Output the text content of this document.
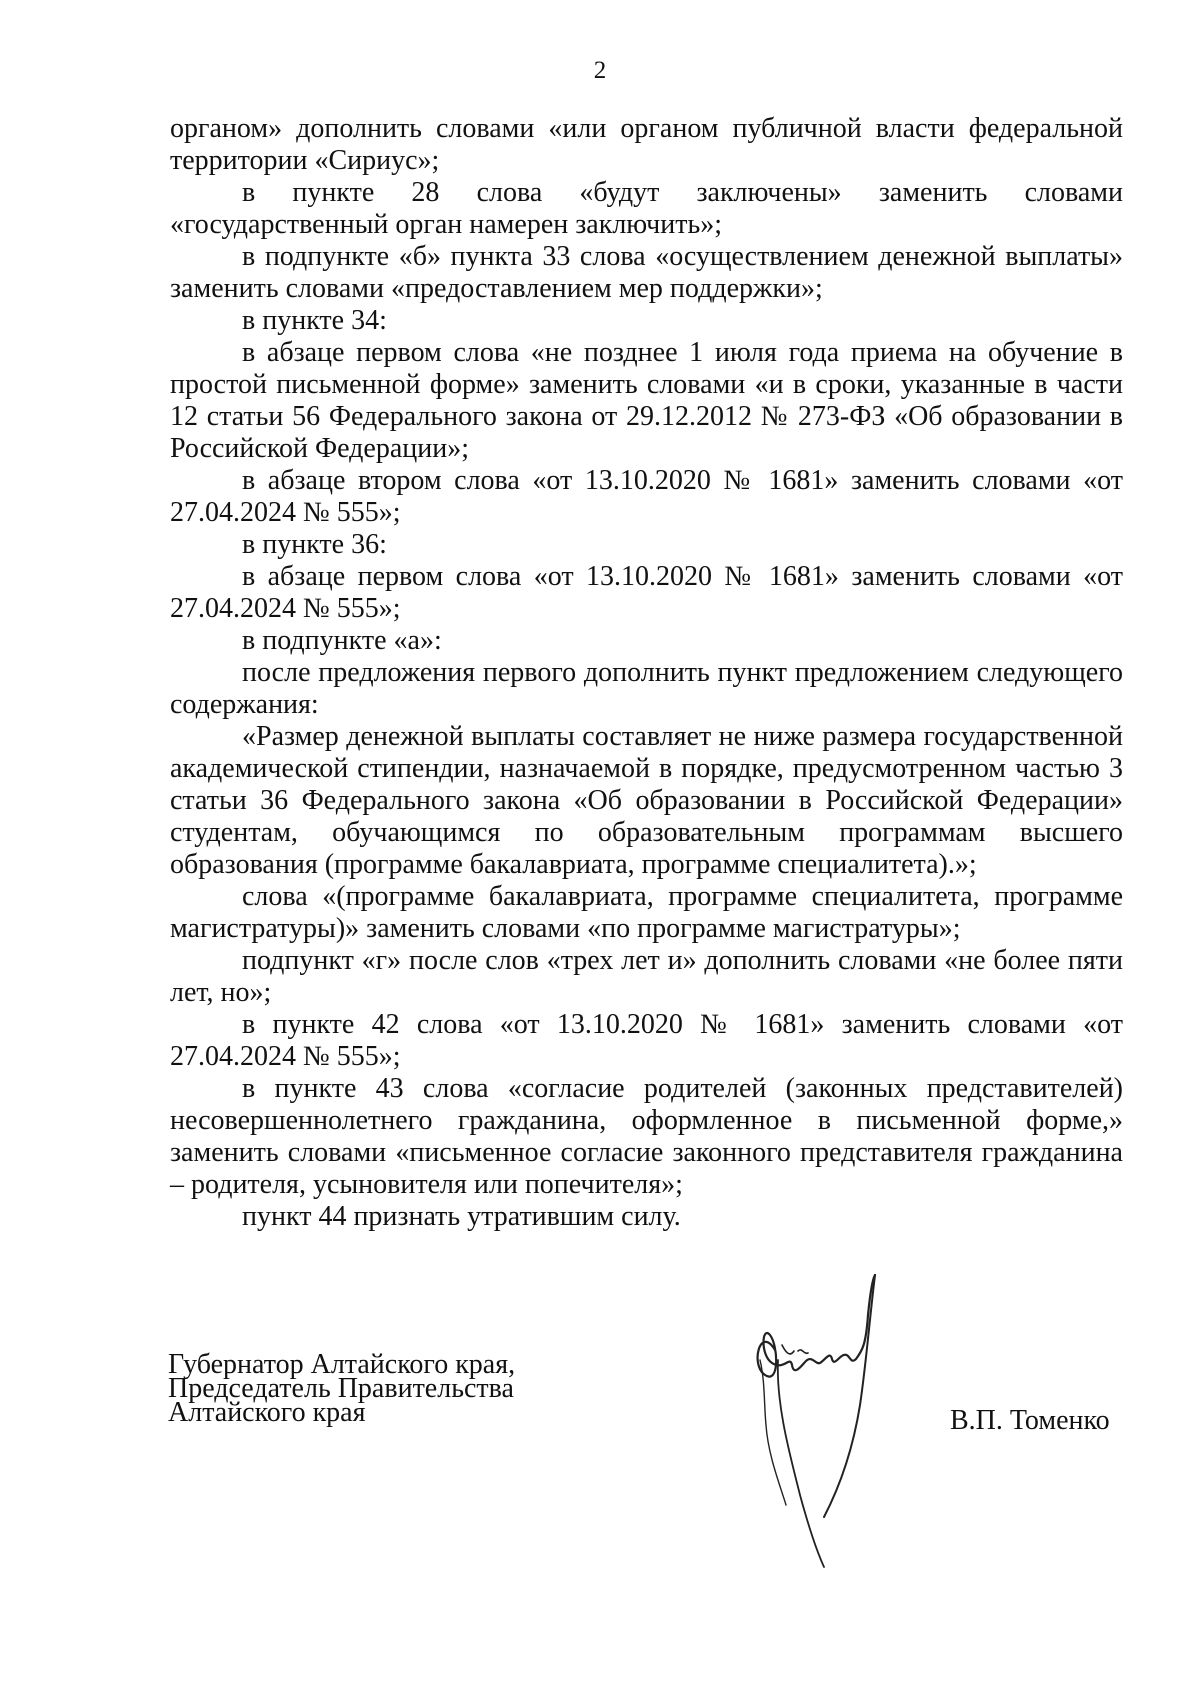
2

органом» дополнить словами «или органом публичной власти федеральной территории «Сириус»;

в пункте 28 слова «будут заключены» заменить словами «государственный орган намерен заключить»;

в подпункте «б» пункта 33 слова «осуществлением денежной выплаты» заменить словами «предоставлением мер поддержки»;

в пункте 34:

в абзаце первом слова «не позднее 1 июля года приема на обучение в простой письменной форме» заменить словами «и в сроки, указанные в части 12 статьи 56 Федерального закона от 29.12.2012 № 273-ФЗ «Об образовании в Российской Федерации»;

в абзаце втором слова «от 13.10.2020 № 1681» заменить словами «от 27.04.2024 № 555»;

в пункте 36:

в абзаце первом слова «от 13.10.2020 № 1681» заменить словами «от 27.04.2024 № 555»;

в подпункте «а»:

после предложения первого дополнить пункт предложением следующего содержания:

«Размер денежной выплаты составляет не ниже размера государственной академической стипендии, назначаемой в порядке, предусмотренном частью 3 статьи 36 Федерального закона «Об образовании в Российской Федерации» студентам, обучающимся по образовательным программам высшего образования (программе бакалавриата, программе специалитета).»;

слова «(программе бакалавриата, программе специалитета, программе магистратуры)» заменить словами «по программе магистратуры»;

подпункт «г» после слов «трех лет и» дополнить словами «не более пяти лет, но»;

в пункте 42 слова «от 13.10.2020 № 1681» заменить словами «от 27.04.2024 № 555»;

в пункте 43 слова «согласие родителей (законных представителей) несовершеннолетнего гражданина, оформленное в письменной форме,» заменить словами «письменное согласие законного представителя гражданина – родителя, усыновителя или попечителя»;

пункт 44 признать утратившим силу.

Губернатор Алтайского края,
Председатель Правительства
Алтайского края	В.П. Томенко
